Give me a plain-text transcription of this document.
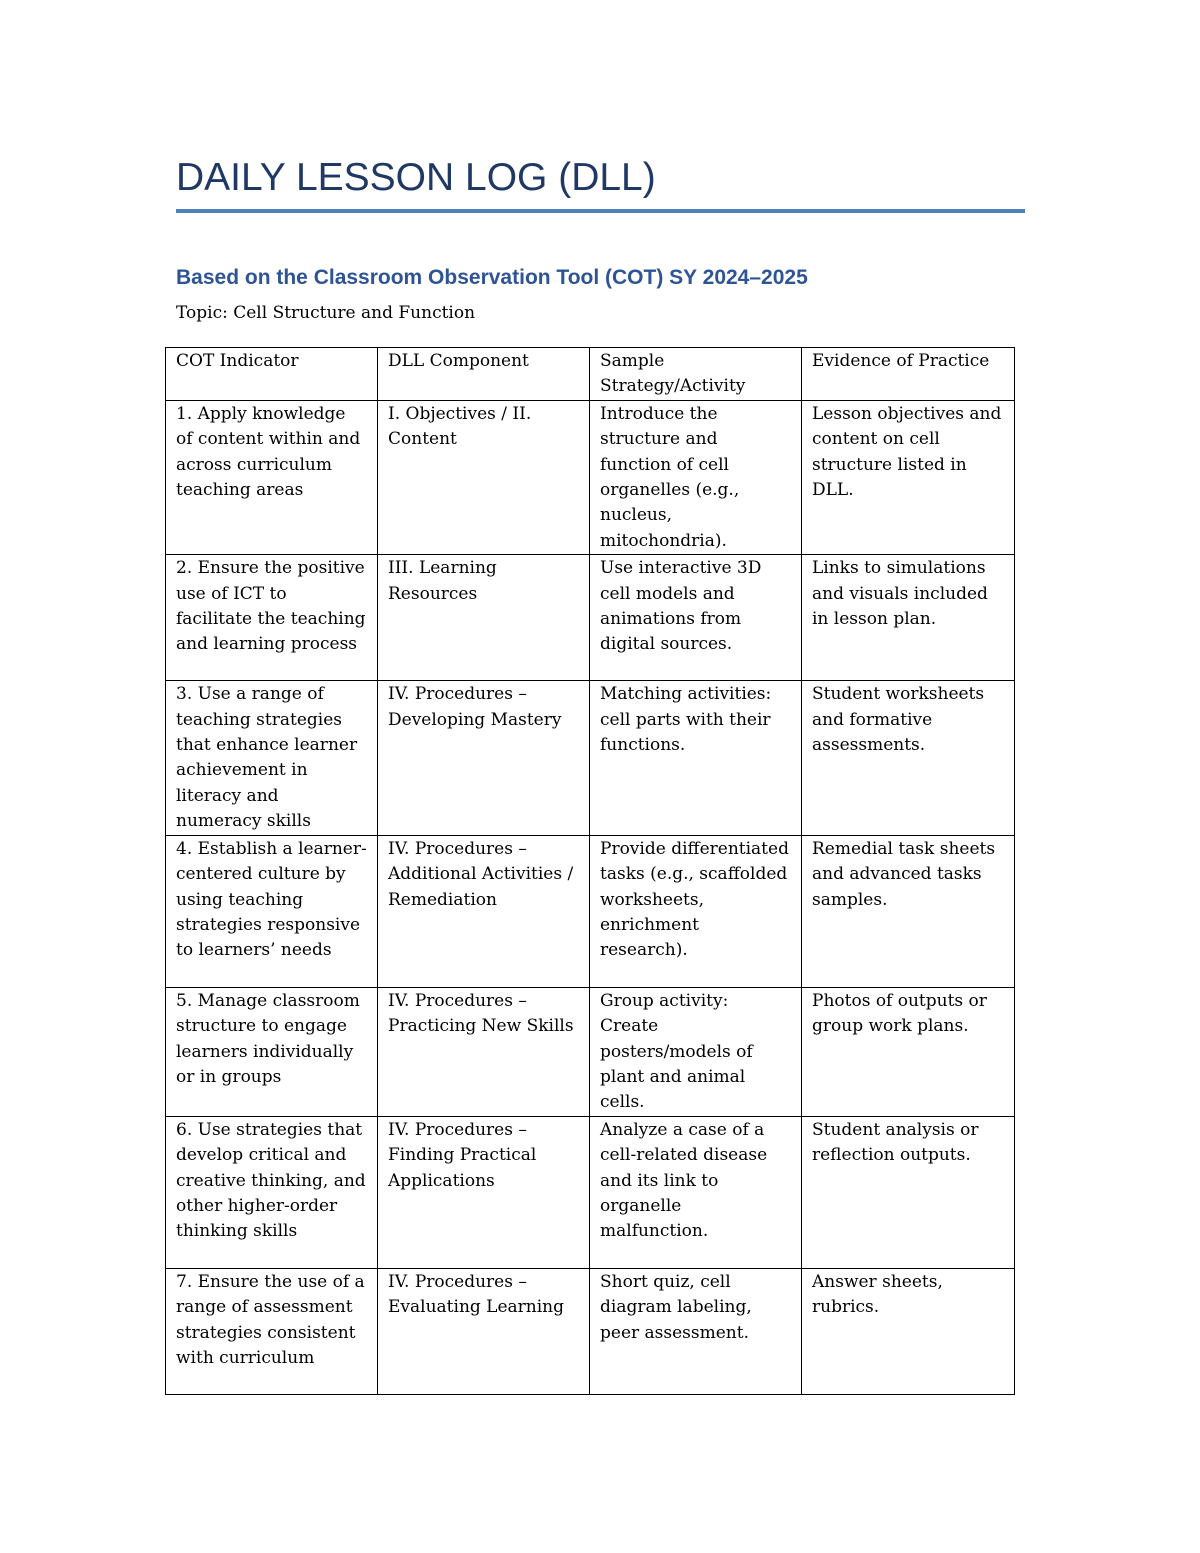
DAILY LESSON LOG (DLL)
Based on the Classroom Observation Tool (COT) SY 2024–2025

Topic: Cell Structure and Function

COT Indicator	DLL Component	Sample Strategy/Activity	Evidence of Practice
1. Apply knowledge of content within and across curriculum teaching areas	I. Objectives / II. Content	Introduce the structure and function of cell organelles (e.g., nucleus, mitochondria).	Lesson objectives and content on cell structure listed in DLL.
2. Ensure the positive use of ICT to facilitate the teaching and learning process	III. Learning Resources	Use interactive 3D cell models and animations from digital sources.	Links to simulations and visuals included in lesson plan.
3. Use a range of teaching strategies that enhance learner achievement in literacy and numeracy skills	IV. Procedures – Developing Mastery	Matching activities: cell parts with their functions.	Student worksheets and formative assessments.
4. Establish a learner-centered culture by using teaching strategies responsive to learners’ needs	IV. Procedures – Additional Activities / Remediation	Provide differentiated tasks (e.g., scaffolded worksheets, enrichment research).	Remedial task sheets and advanced tasks samples.
5. Manage classroom structure to engage learners individually or in groups	IV. Procedures – Practicing New Skills	Group activity: Create posters/models of plant and animal cells.	Photos of outputs or group work plans.
6. Use strategies that develop critical and creative thinking, and other higher-order thinking skills	IV. Procedures – Finding Practical Applications	Analyze a case of a cell-related disease and its link to organelle malfunction.	Student analysis or reflection outputs.
7. Ensure the use of a range of assessment strategies consistent with curriculum	IV. Procedures – Evaluating Learning	Short quiz, cell diagram labeling, peer assessment.	Answer sheets, rubrics.
